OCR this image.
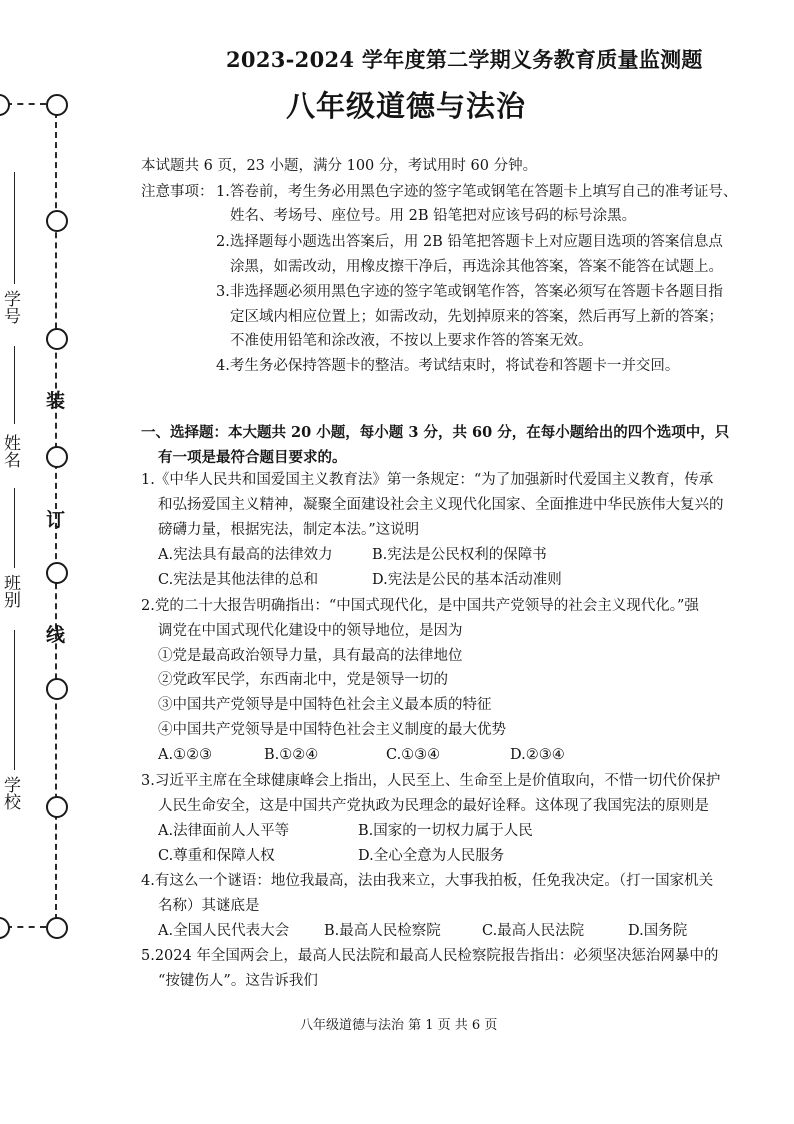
装
订
线
学号
姓名
班别
学校
2023-2024 学年度第二学期义务教育质量监测题
八年级道德与法治
本试题共 6 页，23 小题，满分 100 分，考试用时 60 分钟。
注意事项： 1.答卷前，考生务必用黑色字迹的签字笔或钢笔在答题卡上填写自己的准考证号、
姓名、考场号、座位号。用 2B 铅笔把对应该号码的标号涂黑。
2.选择题每小题选出答案后，用 2B 铅笔把答题卡上对应题目选项的答案信息点
涂黑，如需改动，用橡皮擦干净后，再选涂其他答案，答案不能答在试题上。
3.非选择题必须用黑色字迹的签字笔或钢笔作答，答案必须写在答题卡各题目指
定区域内相应位置上；如需改动，先划掉原来的答案，然后再写上新的答案；
不准使用铅笔和涂改液，不按以上要求作答的答案无效。
4.考生务必保持答题卡的整洁。考试结束时，将试卷和答题卡一并交回。
一、选择题：本大题共 20 小题，每小题 3 分，共 60 分，在每小题给出的四个选项中，只
有一项是最符合题目要求的。
1.《中华人民共和国爱国主义教育法》第一条规定：“为了加强新时代爱国主义教育，传承
和弘扬爱国主义精神，凝聚全面建设社会主义现代化国家、全面推进中华民族伟大复兴的
磅礴力量，根据宪法，制定本法。”这说明
A.宪法具有最高的法律效力	B.宪法是公民权利的保障书
C.宪法是其他法律的总和	D.宪法是公民的基本活动准则
2.党的二十大报告明确指出：“中国式现代化，是中国共产党领导的社会主义现代化。”强
调党在中国式现代化建设中的领导地位，是因为
①党是最高政治领导力量，具有最高的法律地位
②党政军民学，东西南北中，党是领导一切的
③中国共产党领导是中国特色社会主义最本质的特征
④中国共产党领导是中国特色社会主义制度的最大优势
A.①②③	B.①②④	C.①③④	D.②③④
3.习近平主席在全球健康峰会上指出，人民至上、生命至上是价值取向，不惜一切代价保护
人民生命安全，这是中国共产党执政为民理念的最好诠释。这体现了我国宪法的原则是
A.法律面前人人平等	B.国家的一切权力属于人民
C.尊重和保障人权	D.全心全意为人民服务
4.有这么一个谜语：地位我最高，法由我来立，大事我拍板，任免我决定。（打一国家机关
名称）其谜底是
A.全国人民代表大会 B.最高人民检察院	C.最高人民法院	D.国务院
5.2024 年全国两会上，最高人民法院和最高人民检察院报告指出：必须坚决惩治网暴中的
“按键伤人”。这告诉我们
八年级道德与法治 第 1 页 共 6 页
